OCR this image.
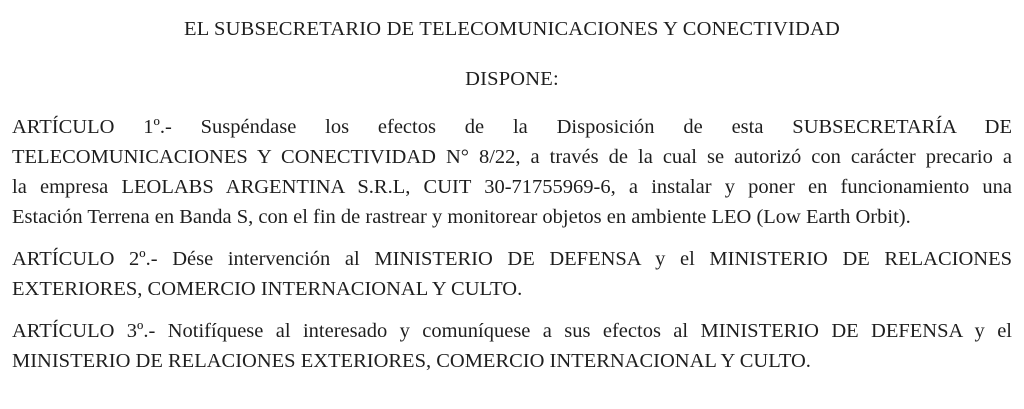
EL SUBSECRETARIO DE TELECOMUNICACIONES Y CONECTIVIDAD
DISPONE:
ARTÍCULO 1º.- Suspéndase los efectos de la Disposición de esta SUBSECRETARÍA DE
TELECOMUNICACIONES Y CONECTIVIDAD N° 8/22, a través de la cual se autorizó con carácter precario a
la empresa LEOLABS ARGENTINA S.R.L, CUIT 30-71755969-6, a instalar y poner en funcionamiento una
Estación Terrena en Banda S, con el fin de rastrear y monitorear objetos en ambiente LEO (Low Earth Orbit).
ARTÍCULO 2º.- Dése intervención al MINISTERIO DE DEFENSA y el MINISTERIO DE RELACIONES
EXTERIORES, COMERCIO INTERNACIONAL Y CULTO.
ARTÍCULO 3º.- Notifíquese al interesado y comuníquese a sus efectos al MINISTERIO DE DEFENSA y el
MINISTERIO DE RELACIONES EXTERIORES, COMERCIO INTERNACIONAL Y CULTO.
